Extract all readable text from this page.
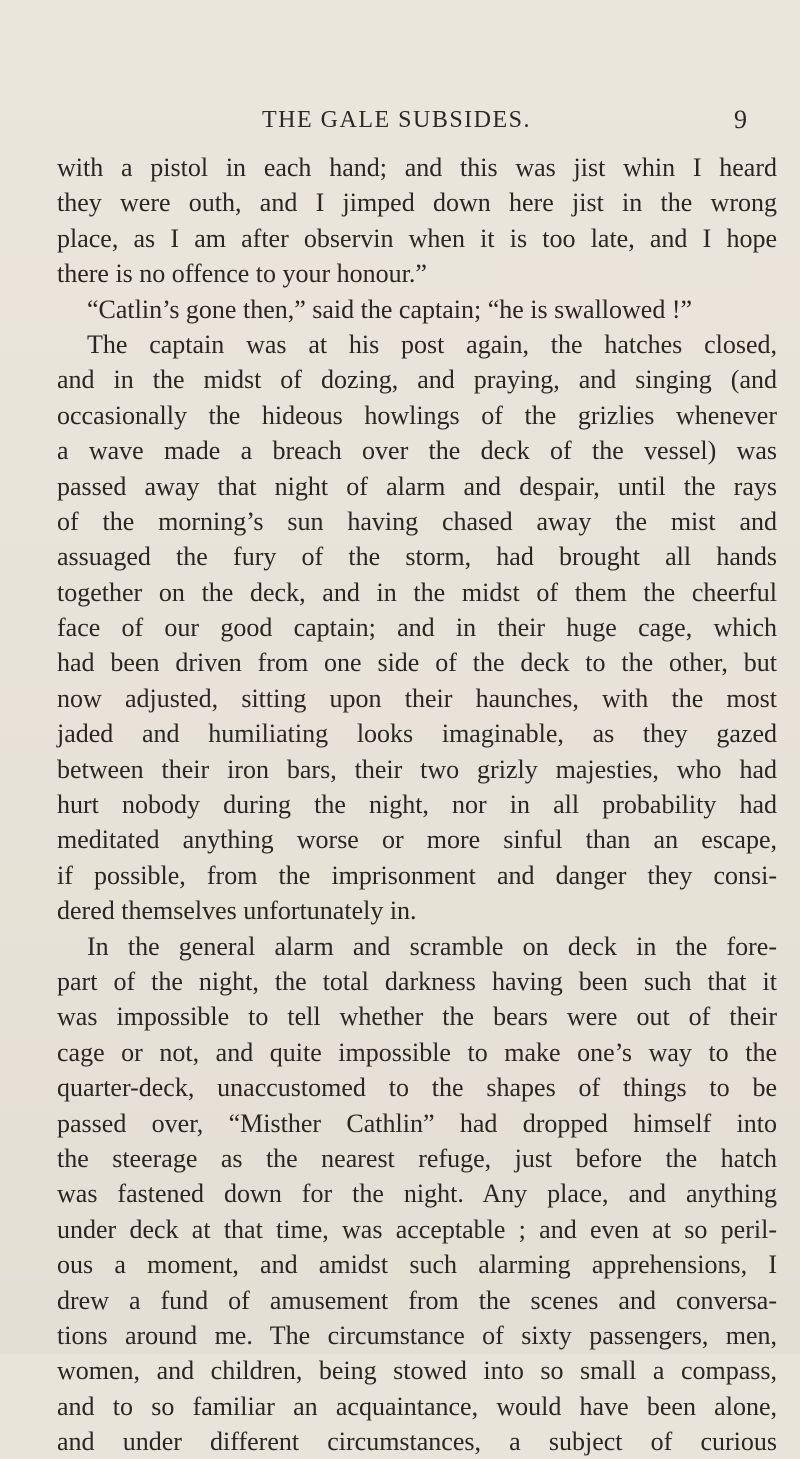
THE GALE SUBSIDES.	9
with a pistol in each hand; and this was jist whin I heard
they were outh, and I jimped down here jist in the wrong
place, as I am after observin when it is too late, and I hope
there is no offence to your honour.”
“Catlin’s gone then,” said the captain; “he is swallowed !”
The captain was at his post again, the hatches closed,
and in the midst of dozing, and praying, and singing (and
occasionally the hideous howlings of the grizlies whenever
a wave made a breach over the deck of the vessel) was
passed away that night of alarm and despair, until the rays
of the morning’s sun having chased away the mist and
assuaged the fury of the storm, had brought all hands
together on the deck, and in the midst of them the cheerful
face of our good captain; and in their huge cage, which
had been driven from one side of the deck to the other, but
now adjusted, sitting upon their haunches, with the most
jaded and humiliating looks imaginable, as they gazed
between their iron bars, their two grizly majesties, who had
hurt nobody during the night, nor in all probability had
meditated anything worse or more sinful than an escape,
if possible, from the imprisonment and danger they consi-
dered themselves unfortunately in.
In the general alarm and scramble on deck in the fore-
part of the night, the total darkness having been such that it
was impossible to tell whether the bears were out of their
cage or not, and quite impossible to make one’s way to the
quarter-deck, unaccustomed to the shapes of things to be
passed over, “Misther Cathlin” had dropped himself into
the steerage as the nearest refuge, just before the hatch
was fastened down for the night. Any place, and anything
under deck at that time, was acceptable ; and even at so peril-
ous a moment, and amidst such alarming apprehensions, I
drew a fund of amusement from the scenes and conversa-
tions around me. The circumstance of sixty passengers, men,
women, and children, being stowed into so small a compass,
and to so familiar an acquaintance, would have been alone,
and under different circumstances, a subject of curious
